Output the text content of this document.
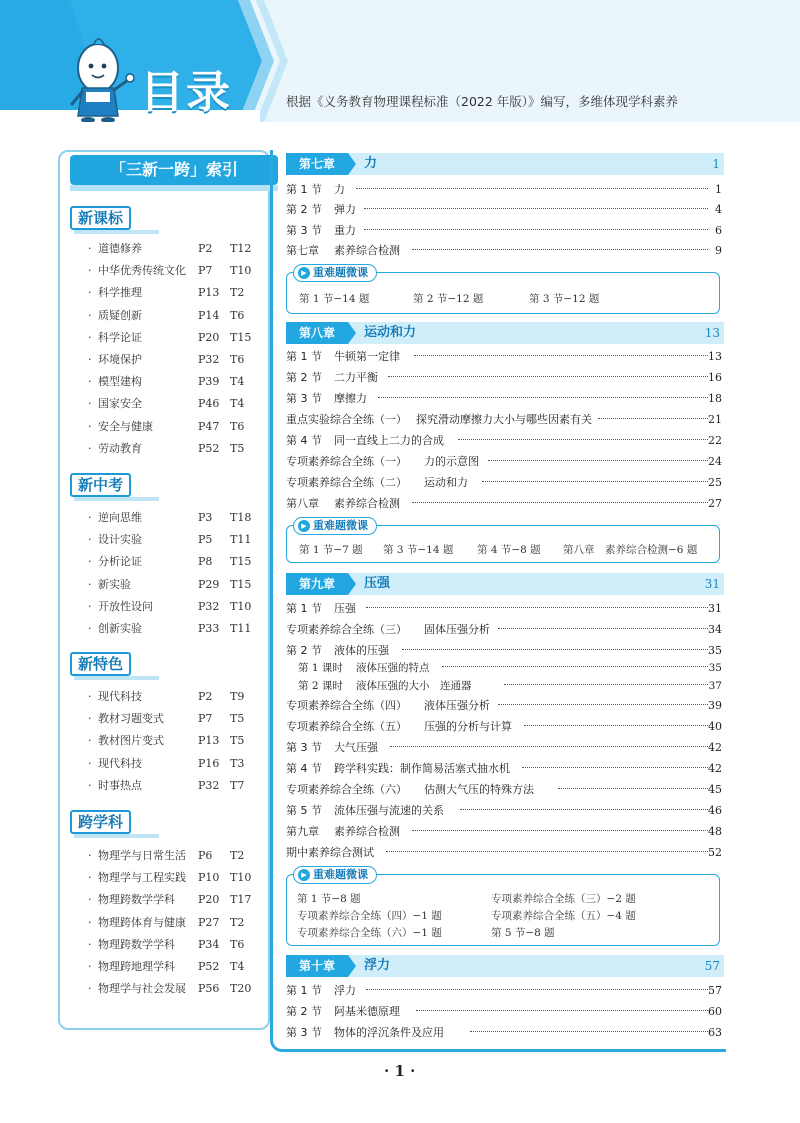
目录	根据《义务教育物理课程标准（2022 年版）》编写，多维体现学科素养
「三新一跨」索引
新课标
· 道德修养	P2 T12
· 中华优秀传统文化 P7 T10
· 科学推理	P13 T2
· 质疑创新	P14 T6
· 科学论证	P20 T15
· 环境保护	P32 T6
· 模型建构	P39 T4
· 国家安全	P46 T4
· 安全与健康	P47 T6
· 劳动教育	P52 T5
新中考
· 逆向思维	P3 T18
· 设计实验	P5 T11
· 分析论证	P8 T15
· 新实验	P29 T15
· 开放性设问	P32 T10
· 创新实验	P33 T11
新特色
· 现代科技	P2 T9
· 教材习题变式	P7 T5
· 教材图片变式	P13 T5
· 现代科技	P16 T3
· 时事热点	P32 T7
跨学科
· 物理学与日常生活 P6 T2
· 物理学与工程实践 P10 T10
· 物理跨数学学科 P20 T17
· 物理跨体育与健康 P27 T2
· 物理跨数学学科 P34 T6
· 物理跨地理学科 P52 T4
· 物理学与社会发展 P56 T20
第七章	力	1
第 1 节 力	1
第 2 节 弹力	4
第 3 节 重力	6
第七章 素养综合检测	9
▶ 重难题微课
第 1 节−14 题	第 2 节−12 题	第 3 节−12 题
第八章	运动和力	13
第 1 节 牛顿第一定律	13
第 2 节 二力平衡	16
第 3 节 摩擦力	18
重点实验综合全练（一） 探究滑动摩擦力大小与哪些因素有关	21
第 4 节 同一直线上二力的合成	22
专项素养综合全练（一） 力的示意图	24
专项素养综合全练（二） 运动和力	25
第八章 素养综合检测	27
▶ 重难题微课
第 1 节−7 题 第 3 节−14 题 第 4 节−8 题 第八章　素养综合检测−6 题
第九章	压强	31
第 1 节 压强	31
专项素养综合全练（三） 固体压强分析	34
第 2 节 液体的压强	35
第 1 课时 液体压强的特点	35
第 2 课时 液体压强的大小　连通器	37
专项素养综合全练（四） 液体压强分析	39
专项素养综合全练（五） 压强的分析与计算	40
第 3 节 大气压强	42
第 4 节 跨学科实践：制作简易活塞式抽水机	42
专项素养综合全练（六） 估测大气压的特殊方法	45
第 5 节 流体压强与流速的关系	46
第九章 素养综合检测	48
期中素养综合测试	52
▶ 重难题微课
第 1 节−8 题	专项素养综合全练（三）−2 题
专项素养综合全练（四）−1 题	专项素养综合全练（五）−4 题
专项素养综合全练（六）−1 题	第 5 节−8 题
第十章	浮力	57
第 1 节 浮力	57
第 2 节 阿基米德原理	60
第 3 节 物体的浮沉条件及应用	63
· 1 ·
